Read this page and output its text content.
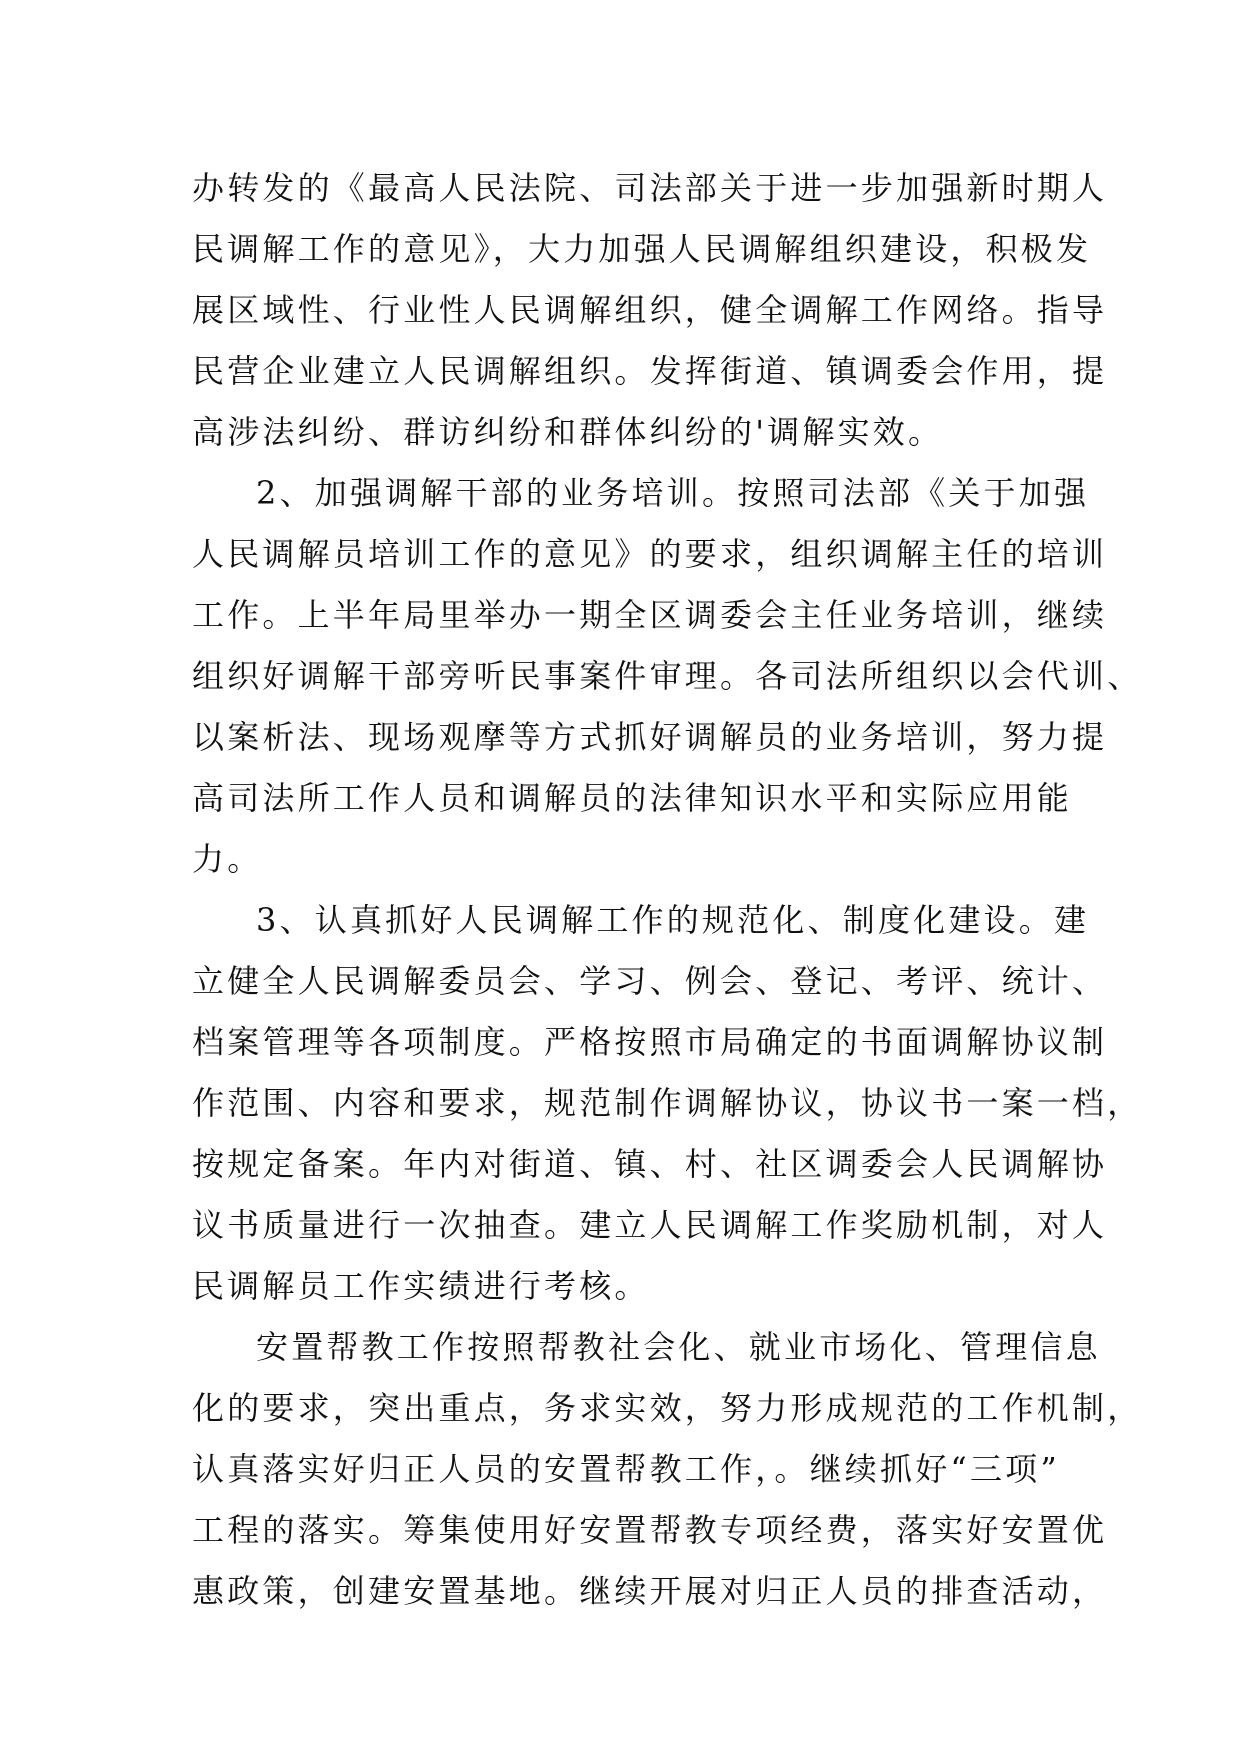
办转发的《最高人民法院、司法部关于进一步加强新时期人
民调解工作的意见》，大力加强人民调解组织建设，积极发
展区域性、行业性人民调解组织，健全调解工作网络。指导
民营企业建立人民调解组织。发挥街道、镇调委会作用，提
高涉法纠纷、群访纠纷和群体纠纷的'调解实效。
2、加强调解干部的业务培训。按照司法部《关于加强
人民调解员培训工作的意见》的要求，组织调解主任的培训
工作。上半年局里举办一期全区调委会主任业务培训，继续
组织好调解干部旁听民事案件审理。各司法所组织以会代训、
以案析法、现场观摩等方式抓好调解员的业务培训，努力提
高司法所工作人员和调解员的法律知识水平和实际应用能
力。
3、认真抓好人民调解工作的规范化、制度化建设。建
立健全人民调解委员会、学习、例会、登记、考评、统计、
档案管理等各项制度。严格按照市局确定的书面调解协议制
作范围、内容和要求，规范制作调解协议，协议书一案一档，
按规定备案。年内对街道、镇、村、社区调委会人民调解协
议书质量进行一次抽查。建立人民调解工作奖励机制，对人
民调解员工作实绩进行考核。
安置帮教工作按照帮教社会化、就业市场化、管理信息
化的要求，突出重点，务求实效，努力形成规范的工作机制，
认真落实好归正人员的安置帮教工作，。继续抓好“三项”
工程的落实。筹集使用好安置帮教专项经费，落实好安置优
惠政策，创建安置基地。继续开展对归正人员的排查活动，
